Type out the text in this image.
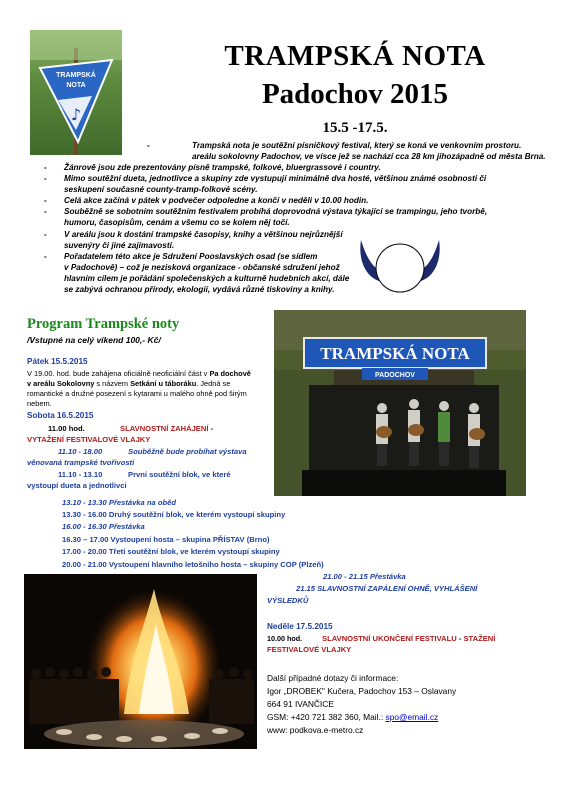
TRAMPSKÁ
NOTA
♪
TRAMPSKÁ NOTA
Padochov 2015
15.5 -17.5.
-	Trampská nota je soutěžní písničkový festival, který se koná ve venkovním prostoru.
areálu sokolovny Padochov, ve vísce jež se nachází cca 28 km jihozápadně od města Brna.
- Žánrově jsou zde prezentovány písně trampské, folkové, bluergrassové i country.
- Mimo soutěžní dueta, jednotlivce a skupiny zde vystupují minimálně dva hosté, většinou známé osobnosti či
seskupení současné county-tramp-folkové scény.
- Celá akce začíná v pátek v podvečer odpoledne a končí v neděli v 10.00 hodin.
- Souběžně se sobotním soutěžním festivalem probíhá doprovodná výstava týkající se trampingu, jeho tvorbě,
humoru, časopisům, cenám a všemu co se kolem něj točí.
- V areálu jsou k dostání trampské časopisy, knihy a většinou nejrůznější
suvenýry či jiné zajímavosti.
- Pořadatelem této akce je Sdružení Pooslavských osad (se sídlem
v Padochově) – což je nezisková organizace - občanské sdružení jehož
hlavním cílem je pořádání společenských a kulturně hudebních akcí, dále
se zabývá ochranou přírody, ekologií, vydává různé tiskoviny a knihy.
Program Trampské noty
/Vstupné na celý víkend 100,- Kč/
TRAMPSKÁ NOTA
PADOCHOV
Pátek 15.5.2015
V 19.00. hod. bude zahájena oficiálně neoficiální část v Pa dochově
v areálu Sokolovny s názvem Setkání u táboráku. Jedná se
romantické a družné posezení s kytarami u malého ohně pod širým
nebem.
Sobota 16.5.2015
11.00 hod.	SLAVNOSTNÍ ZAHÁJENÍ -
VYTAŽENÍ FESTIVALOVÉ VLAJKY
11.10 - 18.00	Souběžně bude probíhat výstava
věnovaná trampské tvořivosti
11.10 - 13.10	První soutěžní blok, ve které
vystoupí dueta a jednotlivci
13.10 - 13.30 Přestávka na oběd
13.30 - 16.00 Druhý soutěžní blok, ve kterém vystoupí skupiny
16.00 - 16.30 Přestávka
16.30 – 17.00 Vystoupení hosta – skupina PŘÍSTAV (Brno)
17.00 - 20.00 Třetí soutěžní blok, ve kterém vystoupí skupiny
20.00 - 21.00 Vystoupení hlavního letošního hosta – skupiny COP (Plzeň)
21.00 - 21.15 Přestávka
21.15 SLAVNOSTNÍ ZAPÁLENÍ OHNĚ, VYHLÁŠENÍ
VÝSLEDKŮ
Neděle 17.5.2015
10.00 hod.	SLAVNOSTNÍ UKONČENÍ FESTIVALU - STAŽENÍ
FESTIVALOVÉ VLAJKY
Další případné dotazy či informace:
Igor „DROBEK" Kučera, Padochov 153 – Oslavany
664 91 IVANČICE
GSM: +420 721 382 360, Mail.: spo@email.cz
www: podkova.e-metro.cz
